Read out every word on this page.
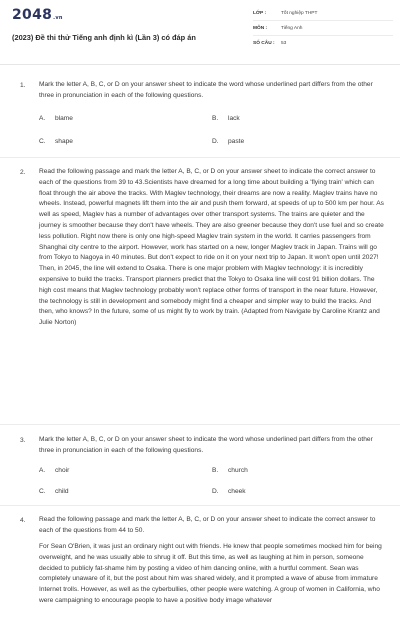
2048.vn
(2023) Đề thi thử Tiếng anh định kì (Lần 3) có đáp án
LỚP :	Tốt nghiệp THPT
MÔN :	Tiếng Anh
SỐ CÂU :	53
1. Mark the letter A, B, C, or D on your answer sheet to indicate the word whose underlined part differs from the other three in pronunciation in each of the following questions.
A. blame	B. lack
C. shape	D. paste
2. Read the following passage and mark the letter A, B, C, or D on your answer sheet to indicate the correct answer to each of the questions from 39 to 43.Scientists have dreamed for a long time about building a 'flying train' which can float through the air above the tracks. With Maglev technology, their dreams are now a reality. Maglev trains have no wheels. Instead, powerful magnets lift them into the air and push them forward, at speeds of up to 500 km per hour. As well as speed, Maglev has a number of advantages over other transport systems. The trains are quieter and the journey is smoother because they don't have wheels. They are also greener because they don't use fuel and so create less pollution. Right now there is only one high-speed Maglev train system in the world. It carries passengers from Shanghai city centre to the airport. However, work has started on a new, longer Maglev track in Japan. Trains will go from Tokyo to Nagoya in 40 minutes. But don't expect to ride on it on your next trip to Japan. It won't open until 2027! Then, in 2045, the line will extend to Osaka. There is one major problem with Maglev technology: it is incredibly expensive to build the tracks. Transport planners predict that the Tokyo to Osaka line will cost 91 billion dollars. The high cost means that Maglev technology probably won't replace other forms of transport in the near future. However, the technology is still in development and somebody might find a cheaper and simpler way to build the tracks. And then, who knows? In the future, some of us might fly to work by train. (Adapted from Navigate by Caroline Krantz and Julie Norton)
3. Mark the letter A, B, C, or D on your answer sheet to indicate the word whose underlined part differs from the other three in pronunciation in each of the following questions.
A. choir	B. church
C. child	D. cheek
4. Read the following passage and mark the letter A, B, C, or D on your answer sheet to indicate the correct answer to each of the questions from 44 to 50.
For Sean O'Brien, it was just an ordinary night out with friends. He knew that people sometimes mocked him for being overweight, and he was usually able to shrug it off. But this time, as well as laughing at him in person, someone decided to publicly fat-shame him by posting a video of him dancing online, with a hurtful comment. Sean was completely unaware of it, but the post about him was shared widely, and it prompted a wave of abuse from immature Internet trolls. However, as well as the cyberbullies, other people were watching. A group of women in California, who were campaigning to encourage people to have a positive body image whatever
